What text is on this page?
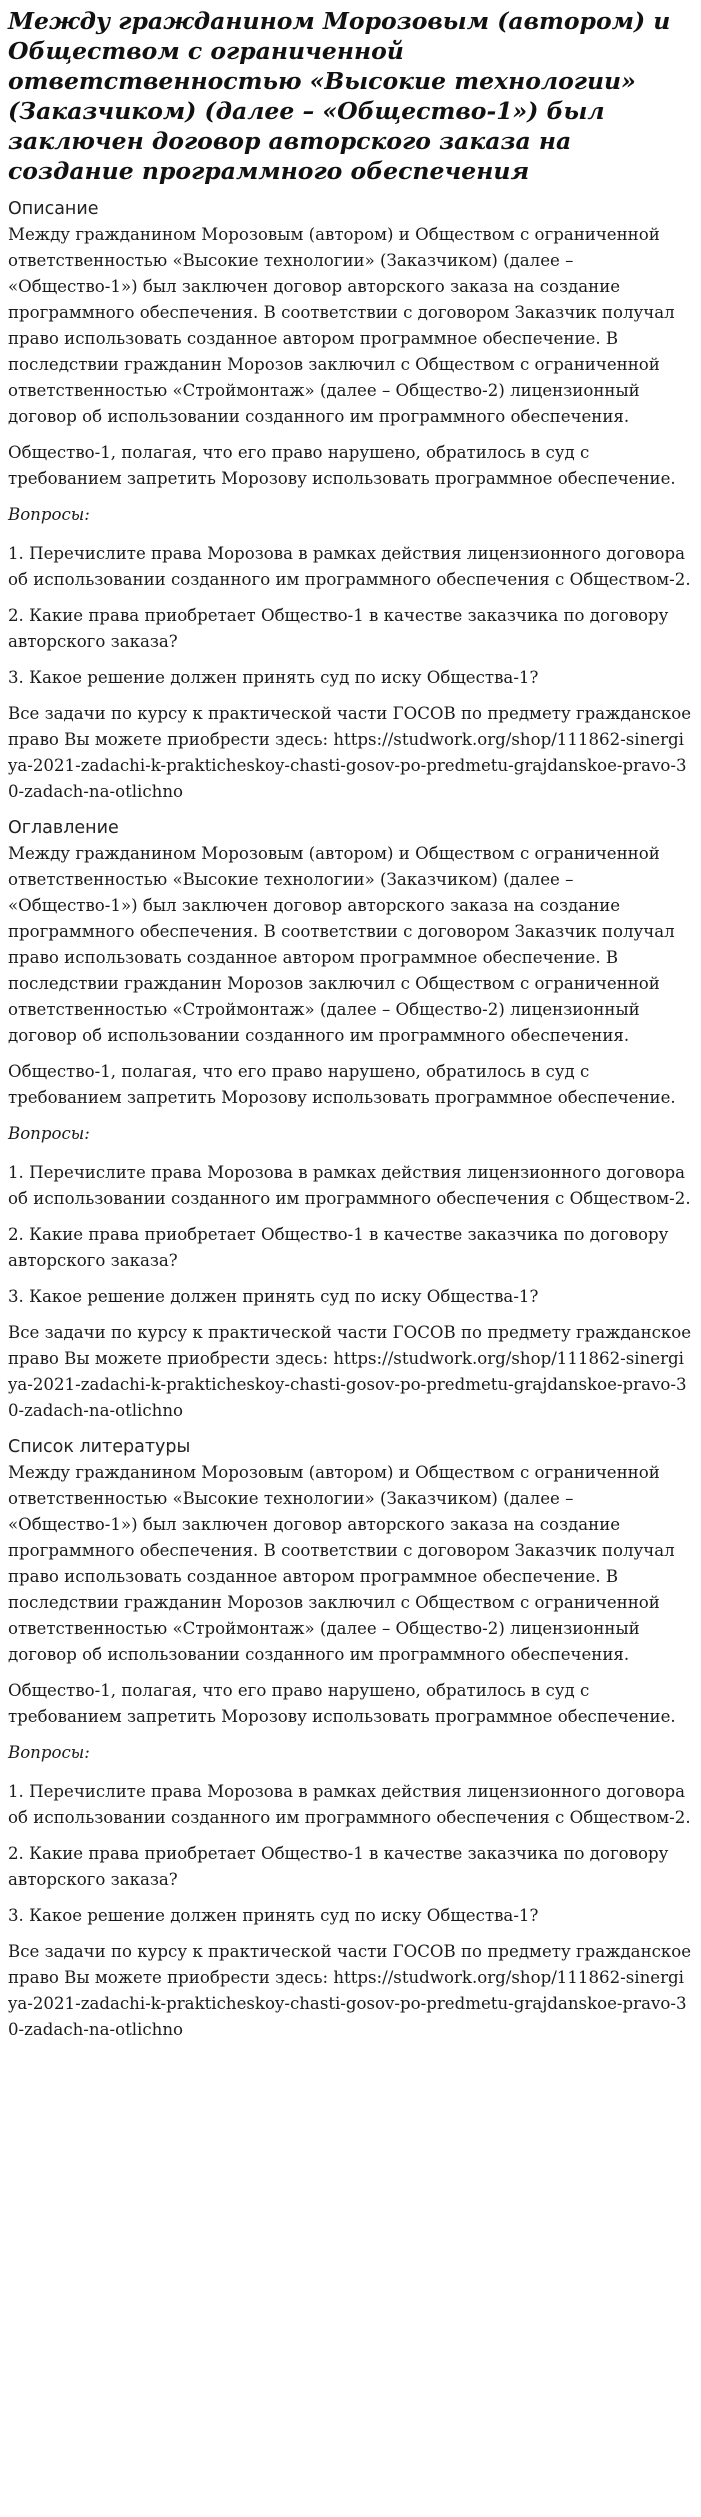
Между гражданином Морозовым (автором) и Обществом с ограниченной ответственностью «Высокие технологии» (Заказчиком) (далее – «Общество-1») был заключен договор авторского заказа на создание программного обеспечения
Описание

Между гражданином Морозовым (автором) и Обществом с ограниченной ответственностью «Высокие технологии» (Заказчиком) (далее – «Общество-1») был заключен договор авторского заказа на создание программного обеспечения. В соответствии с договором Заказчик получал право использовать созданное автором программное обеспечение. В последствии гражданин Морозов заключил с Обществом с ограниченной ответственностью «Строймонтаж» (далее – Общество-2) лицензионный договор об использовании созданного им программного обеспечения.

Общество-1, полагая, что его право нарушено, обратилось в суд с требованием запретить Морозову использовать программное обеспечение.

Вопросы:

1. Перечислите права Морозова в рамках действия лицензионного договора об использовании созданного им программного обеспечения с Обществом-2.

2. Какие права приобретает Общество-1 в качестве заказчика по договору авторского заказа?

3. Какое решение должен принять суд по иску Общества-1?

Все задачи по курсу к практической части ГОСОВ по предмету гражданское право Вы можете приобрести здесь: https://studwork.org/shop/111862-sinergiya-2021-zadachi-k-prakticheskoy-chasti-gosov-po-predmetu-grajdanskoe-pravo-30-zadach-na-otlichno

Оглавление

Между гражданином Морозовым (автором) и Обществом с ограниченной ответственностью «Высокие технологии» (Заказчиком) (далее – «Общество-1») был заключен договор авторского заказа на создание программного обеспечения. В соответствии с договором Заказчик получал право использовать созданное автором программное обеспечение. В последствии гражданин Морозов заключил с Обществом с ограниченной ответственностью «Строймонтаж» (далее – Общество-2) лицензионный договор об использовании созданного им программного обеспечения.

Общество-1, полагая, что его право нарушено, обратилось в суд с требованием запретить Морозову использовать программное обеспечение.

Вопросы:

1. Перечислите права Морозова в рамках действия лицензионного договора об использовании созданного им программного обеспечения с Обществом-2.

2. Какие права приобретает Общество-1 в качестве заказчика по договору авторского заказа?

3. Какое решение должен принять суд по иску Общества-1?

Все задачи по курсу к практической части ГОСОВ по предмету гражданское право Вы можете приобрести здесь: https://studwork.org/shop/111862-sinergiya-2021-zadachi-k-prakticheskoy-chasti-gosov-po-predmetu-grajdanskoe-pravo-30-zadach-na-otlichno

Список литературы

Между гражданином Морозовым (автором) и Обществом с ограниченной ответственностью «Высокие технологии» (Заказчиком) (далее – «Общество-1») был заключен договор авторского заказа на создание программного обеспечения. В соответствии с договором Заказчик получал право использовать созданное автором программное обеспечение. В последствии гражданин Морозов заключил с Обществом с ограниченной ответственностью «Строймонтаж» (далее – Общество-2) лицензионный договор об использовании созданного им программного обеспечения.

Общество-1, полагая, что его право нарушено, обратилось в суд с требованием запретить Морозову использовать программное обеспечение.

Вопросы:

1. Перечислите права Морозова в рамках действия лицензионного договора об использовании созданного им программного обеспечения с Обществом-2.

2. Какие права приобретает Общество-1 в качестве заказчика по договору авторского заказа?

3. Какое решение должен принять суд по иску Общества-1?

Все задачи по курсу к практической части ГОСОВ по предмету гражданское право Вы можете приобрести здесь: https://studwork.org/shop/111862-sinergiya-2021-zadachi-k-prakticheskoy-chasti-gosov-po-predmetu-grajdanskoe-pravo-30-zadach-na-otlichno
